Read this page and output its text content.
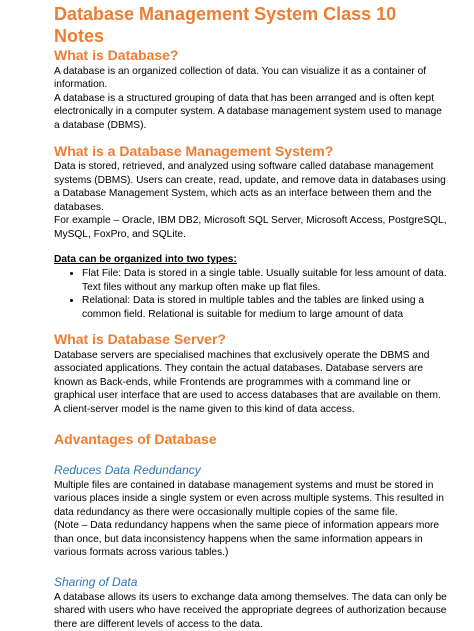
Database Management System Class 10 Notes
What is Database?

A database is an organized collection of data. You can visualize it as a container of information.

A database is a structured grouping of data that has been arranged and is often kept electronically in a computer system. A database management system used to manage a database (DBMS).

What is a Database Management System?

Data is stored, retrieved, and analyzed using software called database management systems (DBMS). Users can create, read, update, and remove data in databases using a Database Management System, which acts as an interface between them and the databases.

For example – Oracle, IBM DB2, Microsoft SQL Server, Microsoft Access, PostgreSQL, MySQL, FoxPro, and SQLite.

Data can be organized into two types:

• Flat File: Data is stored in a single table. Usually suitable for less amount of data. Text files without any markup often make up flat files.
• Relational: Data is stored in multiple tables and the tables are linked using a common field. Relational is suitable for medium to large amount of data
What is Database Server?

Database servers are specialised machines that exclusively operate the DBMS and associated applications. They contain the actual databases. Database servers are known as Back-ends, while Frontends are programmes with a command line or graphical user interface that are used to access databases that are available on them. A client-server model is the name given to this kind of data access.

Advantages of Database
Reduces Data Redundancy

Multiple files are contained in database management systems and must be stored in various places inside a single system or even across multiple systems. This resulted in data redundancy as there were occasionally multiple copies of the same file.

(Note – Data redundancy happens when the same piece of information appears more than once, but data inconsistency happens when the same information appears in various formats across various tables.)

Sharing of Data

A database allows its users to exchange data among themselves. The data can only be shared with users who have received the appropriate degrees of authorization because there are different levels of access to the data.
